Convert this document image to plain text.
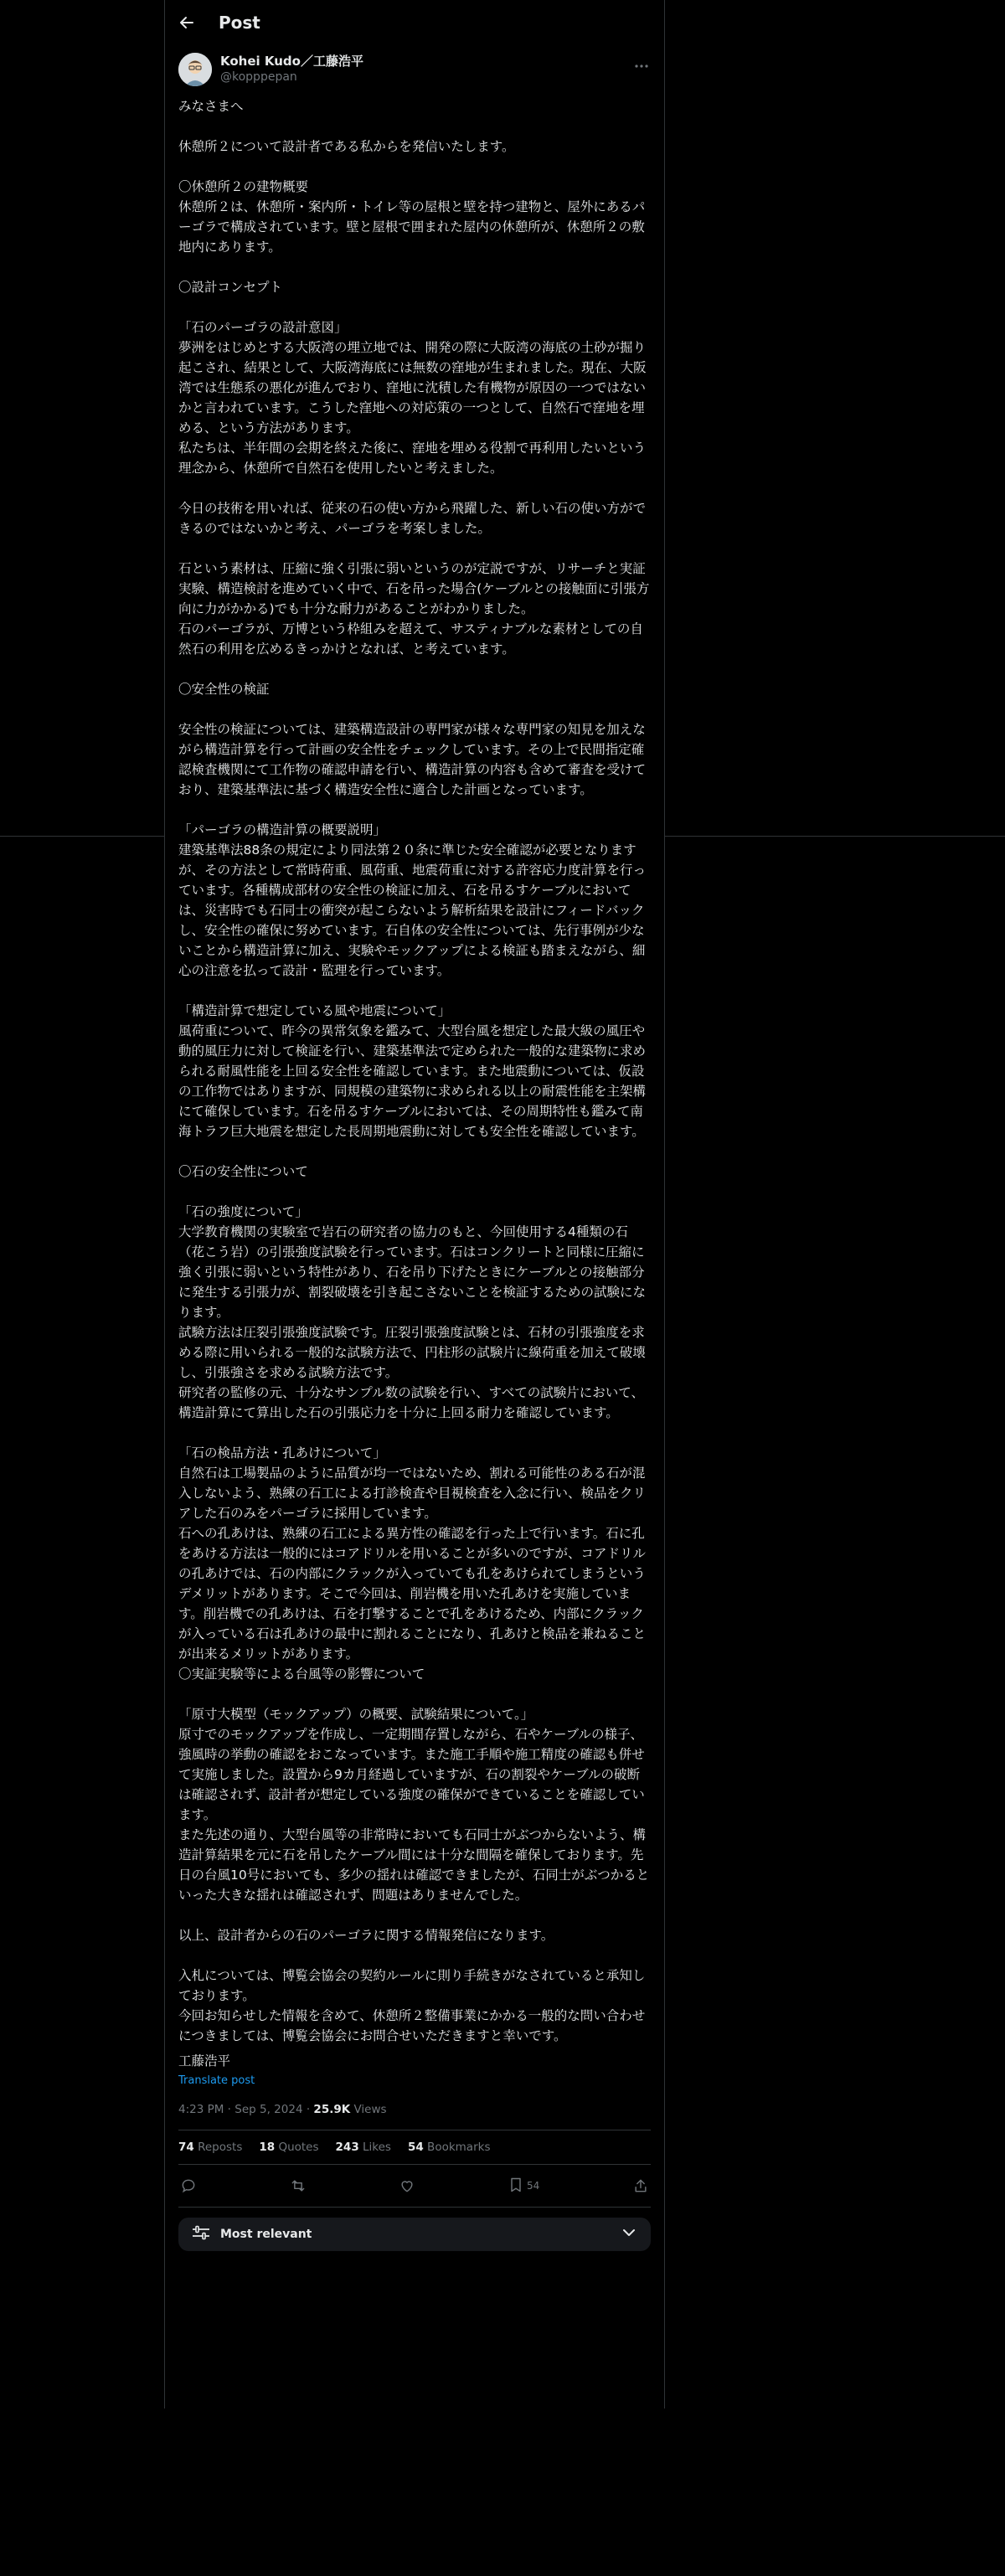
Post
Kohei Kudo／工藤浩平
@kopppepan
みなさまへ

休憩所２について設計者である私からを発信いたします。

〇休憩所２の建物概要
休憩所２は、休憩所・案内所・トイレ等の屋根と壁を持つ建物と、屋外にあるパーゴラで構成されています。壁と屋根で囲まれた屋内の休憩所が、休憩所２の敷地内にあります。

〇設計コンセプト

「石のパーゴラの設計意図」
夢洲をはじめとする大阪湾の埋立地では、開発の際に大阪湾の海底の土砂が掘り起こされ、結果として、大阪湾海底には無数の窪地が生まれました。現在、大阪湾では生態系の悪化が進んでおり、窪地に沈積した有機物が原因の一つではないかと言われています。こうした窪地への対応策の一つとして、自然石で窪地を埋める、という方法があります。
私たちは、半年間の会期を終えた後に、窪地を埋める役割で再利用したいという理念から、休憩所で自然石を使用したいと考えました。

今日の技術を用いれば、従来の石の使い方から飛躍した、新しい石の使い方ができるのではないかと考え、パーゴラを考案しました。

石という素材は、圧縮に強く引張に弱いというのが定説ですが、リサーチと実証実験、構造検討を進めていく中で、石を吊った場合(ケーブルとの接触面に引張方向に力がかかる)でも十分な耐力があることがわかりました。
石のパーゴラが、万博という枠組みを超えて、サスティナブルな素材としての自然石の利用を広めるきっかけとなれば、と考えています。

〇安全性の検証

安全性の検証については、建築構造設計の専門家が様々な専門家の知見を加えながら構造計算を行って計画の安全性をチェックしています。その上で民間指定確認検査機関にて工作物の確認申請を行い、構造計算の内容も含めて審査を受けており、建築基準法に基づく構造安全性に適合した計画となっています。

「パーゴラの構造計算の概要説明」
建築基準法88条の規定により同法第２０条に準じた安全確認が必要となりますが、その方法として常時荷重、風荷重、地震荷重に対する許容応力度計算を行っています。各種構成部材の安全性の検証に加え、石を吊るすケーブルにおいては、災害時でも石同士の衝突が起こらないよう解析結果を設計にフィードバックし、安全性の確保に努めています。石自体の安全性については、先行事例が少ないことから構造計算に加え、実験やモックアップによる検証も踏まえながら、細心の注意を払って設計・監理を行っています。

「構造計算で想定している風や地震について」
風荷重について、昨今の異常気象を鑑みて、大型台風を想定した最大級の風圧や動的風圧力に対して検証を行い、建築基準法で定められた一般的な建築物に求められる耐風性能を上回る安全性を確認しています。また地震動については、仮設の工作物ではありますが、同規模の建築物に求められる以上の耐震性能を主架構にて確保しています。石を吊るすケーブルにおいては、その周期特性も鑑みて南海トラフ巨大地震を想定した長周期地震動に対しても安全性を確認しています。

〇石の安全性について

「石の強度について」
大学教育機関の実験室で岩石の研究者の協力のもと、今回使用する4種類の石（花こう岩）の引張強度試験を行っています。石はコンクリートと同様に圧縮に強く引張に弱いという特性があり、石を吊り下げたときにケーブルとの接触部分に発生する引張力が、割裂破壊を引き起こさないことを検証するための試験になります。
試験方法は圧裂引張強度試験です。圧裂引張強度試験とは、石材の引張強度を求める際に用いられる一般的な試験方法で、円柱形の試験片に線荷重を加えて破壊し、引張強さを求める試験方法です。
研究者の監修の元、十分なサンプル数の試験を行い、すべての試験片において、構造計算にて算出した石の引張応力を十分に上回る耐力を確認しています。

「石の検品方法・孔あけについて」
自然石は工場製品のように品質が均一ではないため、割れる可能性のある石が混入しないよう、熟練の石工による打診検査や目視検査を入念に行い、検品をクリアした石のみをパーゴラに採用しています。
石への孔あけは、熟練の石工による異方性の確認を行った上で行います。石に孔をあける方法は一般的にはコアドリルを用いることが多いのですが、コアドリルの孔あけでは、石の内部にクラックが入っていても孔をあけられてしまうというデメリットがあります。そこで今回は、削岩機を用いた孔あけを実施しています。削岩機での孔あけは、石を打撃することで孔をあけるため、内部にクラックが入っている石は孔あけの最中に割れることになり、孔あけと検品を兼ねることが出来るメリットがあります。
〇実証実験等による台風等の影響について

「原寸大模型（モックアップ）の概要、試験結果について。」
原寸でのモックアップを作成し、一定期間存置しながら、石やケーブルの様子、強風時の挙動の確認をおこなっています。また施工手順や施工精度の確認も併せて実施しました。設置から9カ月経過していますが、石の割裂やケーブルの破断は確認されず、設計者が想定している強度の確保ができていることを確認しています。
また先述の通り、大型台風等の非常時においても石同士がぶつからないよう、構造計算結果を元に石を吊したケーブル間には十分な間隔を確保しております。先日の台風10号においても、多少の揺れは確認できましたが、石同士がぶつかるといった大きな揺れは確認されず、問題はありませんでした。

以上、設計者からの石のパーゴラに関する情報発信になります。

入札については、博覧会協会の契約ルールに則り手続きがなされていると承知しております。
今回お知らせした情報を含めて、休憩所２整備事業にかかる一般的な問い合わせにつきましては、博覧会協会にお問合せいただきますと幸いです。
工藤浩平
Translate post
4:23 PM · Sep 5, 2024 · 25.9K Views
74 Reposts 18 Quotes 243 Likes 54 Bookmarks
54
Most relevant
